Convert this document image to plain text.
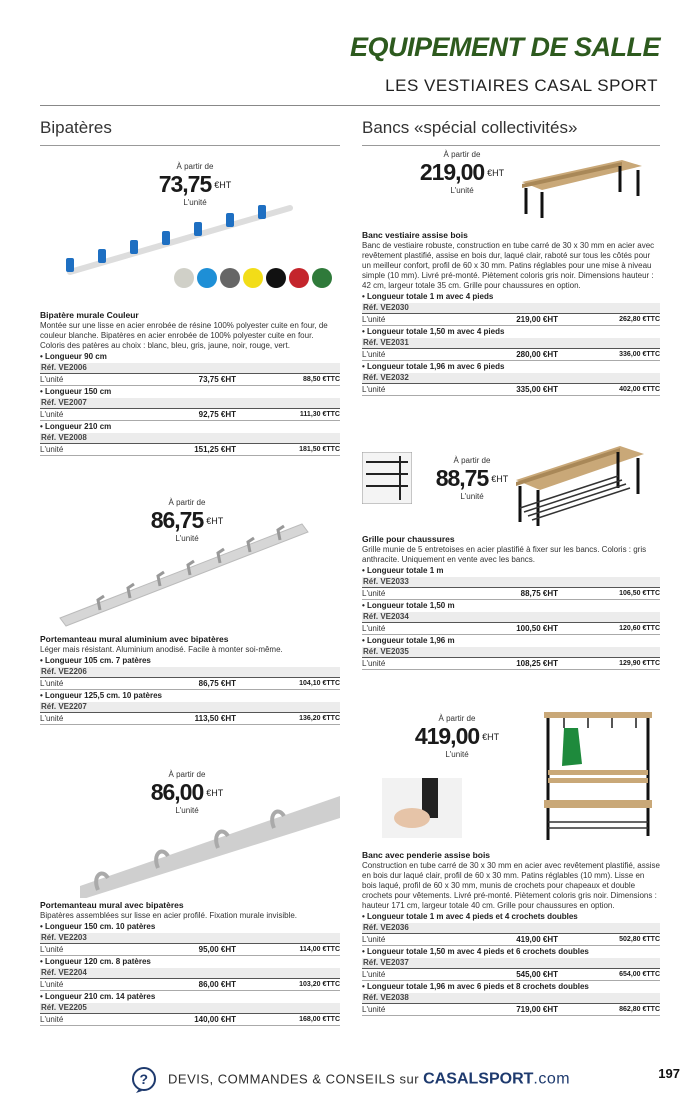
EQUIPEMENT DE SALLE
LES VESTIAIRES CASAL SPORT
Bipatères
À partir de
73,75 €HT
L'unité
Bipatère murale Couleur
Montée sur une lisse en acier enrobée de résine 100% polyester cuite en four, de couleur blanche. Bipatères en acier enrobée de 100% polyester cuite en four. Coloris des patères au choix : blanc, bleu, gris, jaune, noir, rouge, vert.
• Longueur 90 cm
Réf. VE2006
L'unité	73,75 €HT	88,50 €TTC
• Longueur 150 cm
Réf. VE2007
L'unité	92,75 €HT	111,30 €TTC
• Longueur 210 cm
Réf. VE2008
L'unité	151,25 €HT	181,50 €TTC
À partir de
86,75 €HT
L'unité
Portemanteau mural aluminium avec bipatères
Léger mais résistant. Aluminium anodisé. Facile à monter soi-même.
• Longueur 105 cm. 7 patères
Réf. VE2206
L'unité	86,75 €HT	104,10 €TTC
• Longueur 125,5 cm. 10 patères
Réf. VE2207
L'unité	113,50 €HT	136,20 €TTC
À partir de
86,00 €HT
L'unité
Portemanteau mural avec bipatères
Bipatères assemblées sur lisse en acier profilé. Fixation murale invisible.
• Longueur 150 cm. 10 patères
Réf. VE2203
L'unité	95,00 €HT	114,00 €TTC
• Longueur 120 cm. 8 patères
Réf. VE2204
L'unité	86,00 €HT	103,20 €TTC
• Longueur 210 cm. 14 patères
Réf. VE2205
L'unité	140,00 €HT	168,00 €TTC
Bancs «spécial collectivités»
À partir de
219,00 €HT
L'unité
Banc vestiaire assise bois
Banc de vestiaire robuste, construction en tube carré de 30 x 30 mm en acier avec revêtement plastifié, assise en bois dur, laqué clair, raboté sur tous les côtés pour un meilleur confort, profil de 60 x 30 mm. Patins réglables pour une mise à niveau simple (10 mm). Livré pré-monté. Piètement coloris gris noir. Dimensions hauteur : 42 cm, largeur totale 35 cm. Grille pour chaussures en option.
• Longueur totale 1 m avec 4 pieds
Réf. VE2030
L'unité	219,00 €HT	262,80 €TTC
• Longueur totale 1,50 m avec 4 pieds
Réf. VE2031
L'unité	280,00 €HT	336,00 €TTC
• Longueur totale 1,96 m avec 6 pieds
Réf. VE2032
L'unité	335,00 €HT	402,00 €TTC
À partir de
88,75 €HT
L'unité
Grille pour chaussures
Grille munie de 5 entretoises en acier plastifié à fixer sur les bancs. Coloris : gris anthracite. Uniquement en vente avec les bancs.
• Longueur totale 1 m
Réf. VE2033
L'unité	88,75 €HT	106,50 €TTC
• Longueur totale 1,50 m
Réf. VE2034
L'unité	100,50 €HT	120,60 €TTC
• Longueur totale 1,96 m
Réf. VE2035
L'unité	108,25 €HT	129,90 €TTC
À partir de
419,00 €HT
L'unité
Banc avec penderie assise bois
Construction en tube carré de 30 x 30 mm en acier avec revêtement plastifié, assise en bois dur laqué clair, profil de 60 x 30 mm. Patins réglables (10 mm). Lisse en bois laqué, profil de 60 x 30 mm, munis de crochets pour chapeaux et double crochets pour vêtements. Livré pré-monté. Piètement coloris gris noir. Dimensions : hauteur 171 cm, largeur totale 40 cm. Grille pour chaussures en option.
• Longueur totale 1 m avec 4 pieds et 4 crochets doubles
Réf. VE2036
L'unité	419,00 €HT	502,80 €TTC
• Longueur totale 1,50 m avec 4 pieds et 6 crochets doubles
Réf. VE2037
L'unité	545,00 €HT	654,00 €TTC
• Longueur totale 1,96 m avec 6 pieds et 8 crochets doubles
Réf. VE2038
L'unité	719,00 €HT	862,80 €TTC
? DEVIS, COMMANDES & CONSEILS sur CASALSPORT.com	197
